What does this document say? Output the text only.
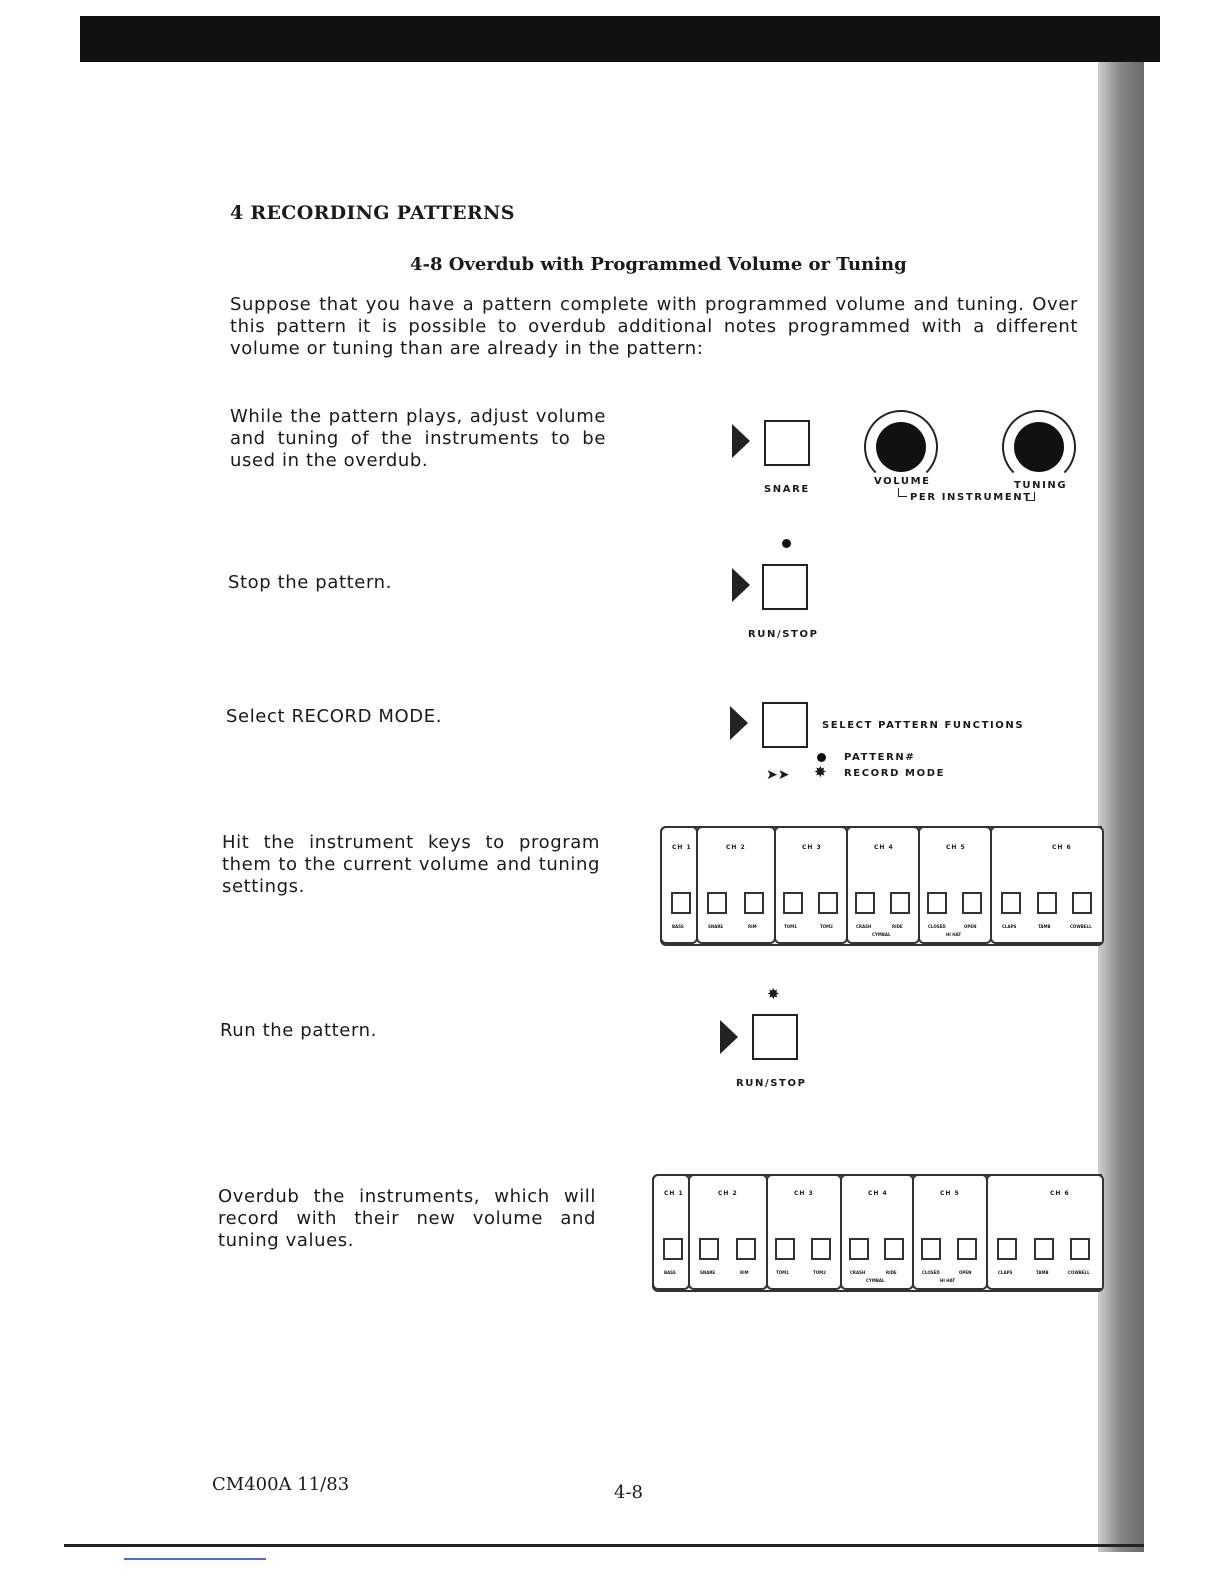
4 RECORDING PATTERNS
4-8 Overdub with Programmed Volume or Tuning
Suppose that you have a pattern complete with programmed volume and tuning. Over this pattern it is possible to overdub additional notes programmed with a different volume or tuning than are already in the pattern:
While the pattern plays, adjust volume and tuning of the instruments to be used in the overdub.
Stop the pattern.
Select RECORD MODE.
Hit the instrument keys to program them to the current volume and tuning settings.
Run the pattern.
Overdub the instruments, which will record with their new volume and tuning values.
SNARE
VOLUME	TUNING
PER INSTRUMENT
RUN/STOP
SELECT PATTERN FUNCTIONS
PATTERN#
➤➤ ✸ RECORD MODE
✸
RUN/STOP
CH 1
BASS
CH 2
SNARE	RIM
CH 3
TOM1	TOM2
CH 4
CRASH	RIDE
CYMBAL
CH 5
CLOSED	OPEN
HI HAT
CH 6
CLAPS	TAMB	COWBELL
CH 1
BASS
CH 2
SNARE	RIM
CH 3
TOM1	TOM2
CH 4
CRASH	RIDE
CYMBAL
CH 5
CLOSED	OPEN
HI HAT
CH 6
CLAPS	TAMB	COWBELL
CM400A 11/83	4-8
